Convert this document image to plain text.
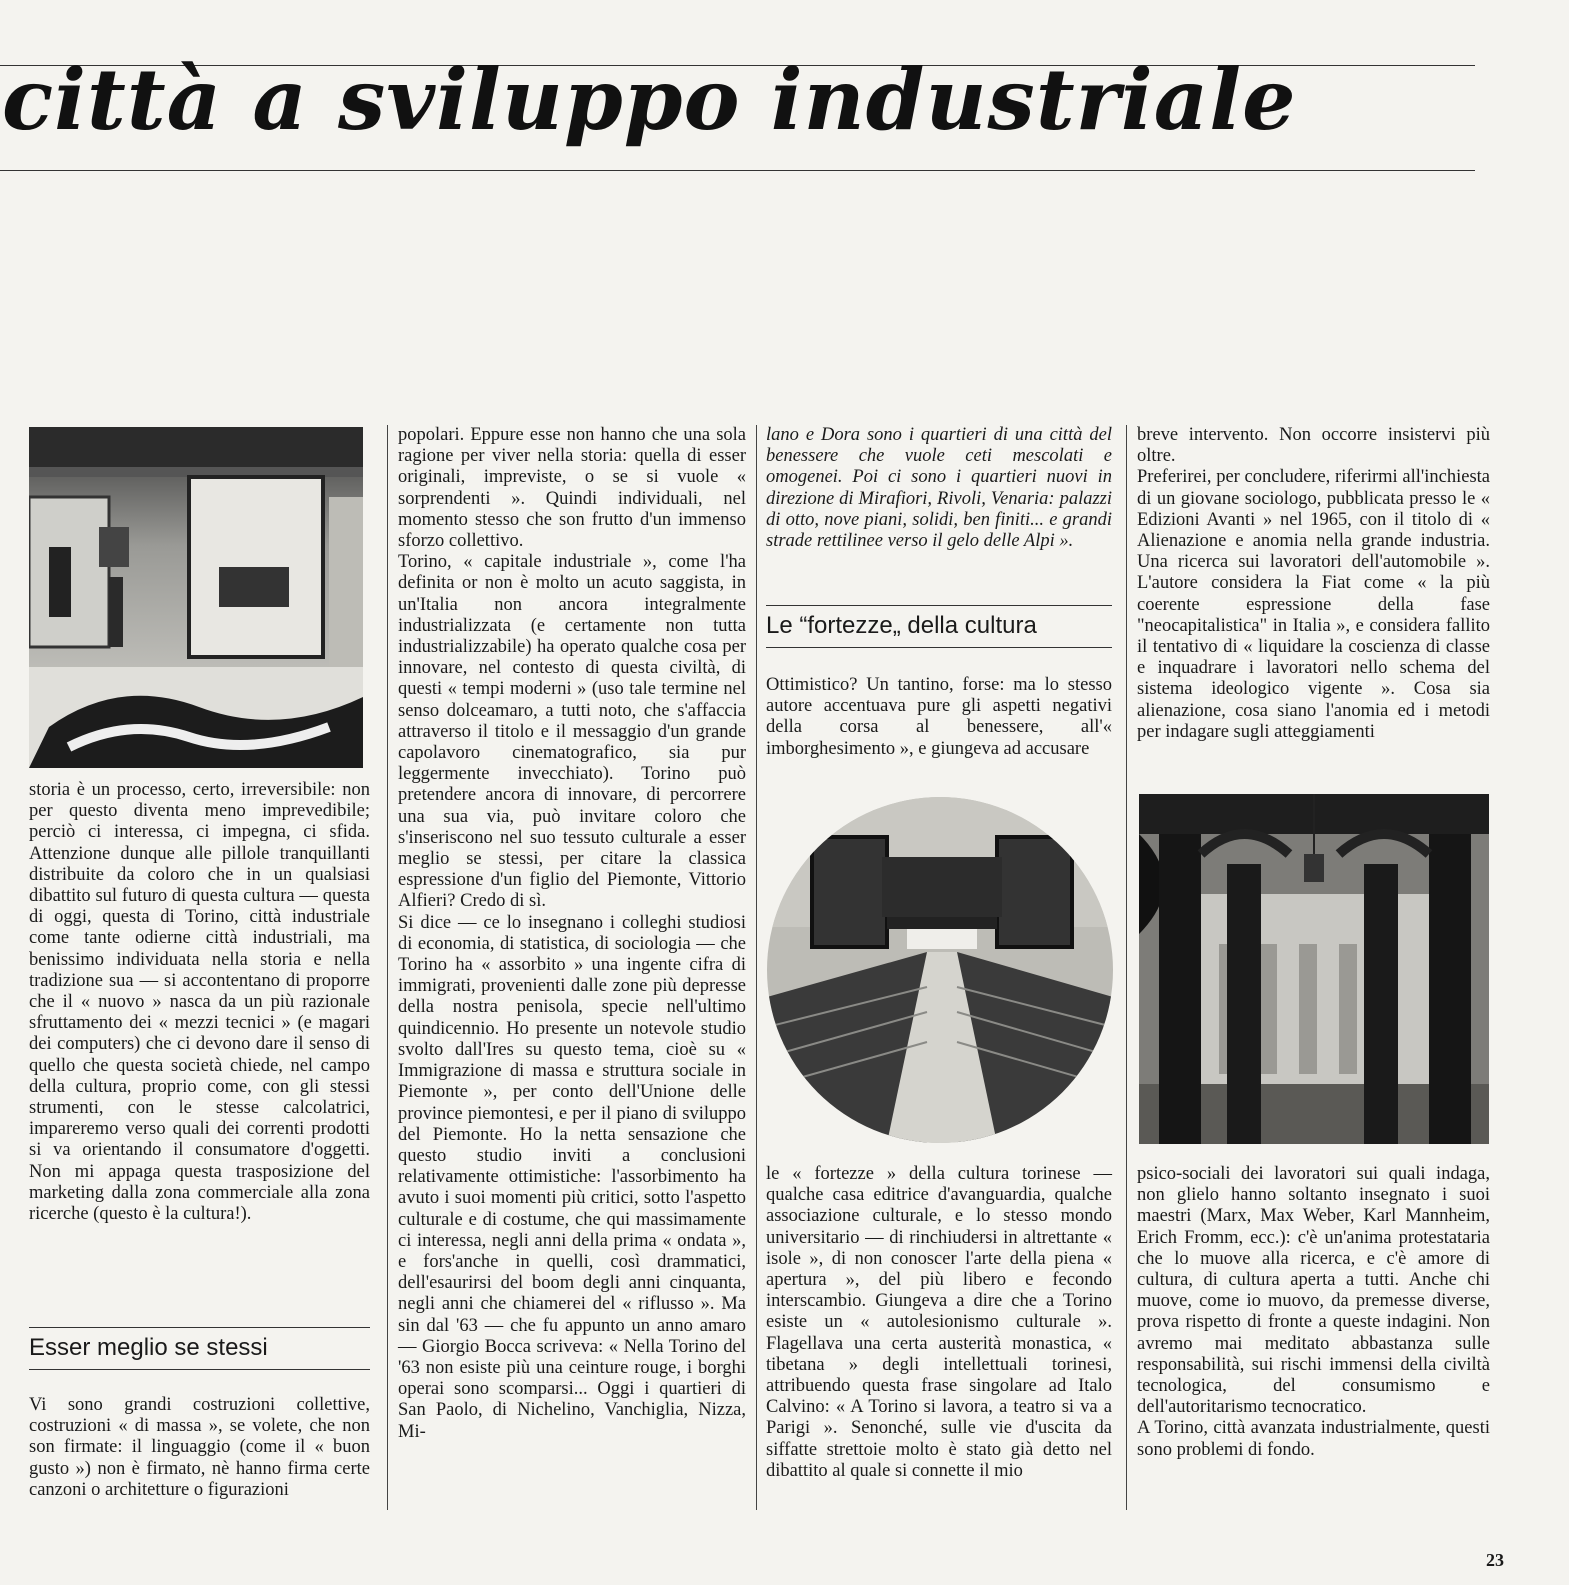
città a sviluppo industriale

storia è un processo, certo, irreversibile: non per questo diventa meno imprevedibile; perciò ci interessa, ci impegna, ci sfida. Attenzione dunque alle pillole tranquillanti distribuite da coloro che in un qualsiasi dibattito sul futuro di questa cultura — questa di oggi, questa di Torino, città industriale come tante odierne città industriali, ma benissimo individuata nella storia e nella tradizione sua — si accontentano di proporre che il « nuovo » nasca da un più razionale sfruttamento dei « mezzi tecnici » (e magari dei computers) che ci devono dare il senso di quello che questa società chiede, nel campo della cultura, proprio come, con gli stessi strumenti, con le stesse calcolatrici, impareremo verso quali dei correnti prodotti si va orientando il consumatore d'oggetti. Non mi appaga questa trasposizione del marketing dalla zona commerciale alla zona ricerche (questo è la cultura!).

Esser meglio se stessi

Vi sono grandi costruzioni collettive, costruzioni « di massa », se volete, che non son firmate: il linguaggio (come il « buon gusto ») non è firmato, nè hanno firma certe canzoni o architetture o figurazioni

popolari. Eppure esse non hanno che una sola ragione per viver nella storia: quella di esser originali, impreviste, o se si vuole « sorprendenti ». Quindi individuali, nel momento stesso che son frutto d'un immenso sforzo collettivo.

Torino, « capitale industriale », come l'ha definita or non è molto un acuto saggista, in un'Italia non ancora integralmente industrializzata (e certamente non tutta industrializzabile) ha operato qualche cosa per innovare, nel contesto di questa civiltà, di questi « tempi moderni » (uso tale termine nel senso dolceamaro, a tutti noto, che s'affaccia attraverso il titolo e il messaggio d'un grande capolavoro cinematografico, sia pur leggermente invecchiato). Torino può pretendere ancora di innovare, di percorrere una sua via, può invitare coloro che s'inseriscono nel suo tessuto culturale a esser meglio se stessi, per citare la classica espressione d'un figlio del Piemonte, Vittorio Alfieri? Credo di sì.

Si dice — ce lo insegnano i colleghi studiosi di economia, di statistica, di sociologia — che Torino ha « assorbito » una ingente cifra di immigrati, provenienti dalle zone più depresse della nostra penisola, specie nell'ultimo quindicennio. Ho presente un notevole studio svolto dall'Ires su questo tema, cioè su « Immigrazione di massa e struttura sociale in Piemonte », per conto dell'Unione delle province piemontesi, e per il piano di sviluppo del Piemonte. Ho la netta sensazione che questo studio inviti a conclusioni relativamente ottimistiche: l'assorbimento ha avuto i suoi momenti più critici, sotto l'aspetto culturale e di costume, che qui massimamente ci interessa, negli anni della prima « ondata », e fors'anche in quelli, così drammatici, dell'esaurirsi del boom degli anni cinquanta, negli anni che chiamerei del « riflusso ». Ma sin dal '63 — che fu appunto un anno amaro — Giorgio Bocca scriveva: « Nella Torino del '63 non esiste più una ceinture rouge, i borghi operai sono scomparsi... Oggi i quartieri di San Paolo, di Nichelino, Vanchiglia, Nizza, Mi-

lano e Dora sono i quartieri di una città del benessere che vuole ceti mescolati e omogenei. Poi ci sono i quartieri nuovi in direzione di Mirafiori, Rivoli, Venaria: palazzi di otto, nove piani, solidi, ben finiti... e grandi strade rettilinee verso il gelo delle Alpi ».

Le “fortezze„ della cultura

Ottimistico? Un tantino, forse: ma lo stesso autore accentuava pure gli aspetti negativi della corsa al benessere, all'« imborghesimento », e giungeva ad accusare

le « fortezze » della cultura torinese — qualche casa editrice d'avanguardia, qualche associazione culturale, e lo stesso mondo universitario — di rinchiudersi in altrettante « isole », di non conoscer l'arte della piena « apertura », del più libero e fecondo interscambio. Giungeva a dire che a Torino esiste un « autolesionismo culturale ». Flagellava una certa austerità monastica, « tibetana » degli intellettuali torinesi, attribuendo questa frase singolare ad Italo Calvino: « A Torino si lavora, a teatro si va a Parigi ». Senonché, sulle vie d'uscita da siffatte strettoie molto è stato già detto nel dibattito al quale si connette il mio

breve intervento. Non occorre insistervi più oltre.

Preferirei, per concludere, riferirmi all'inchiesta di un giovane sociologo, pubblicata presso le « Edizioni Avanti » nel 1965, con il titolo di « Alienazione e anomia nella grande industria. Una ricerca sui lavoratori dell'automobile ». L'autore considera la Fiat come « la più coerente espressione della fase "neocapitalistica" in Italia », e considera fallito il tentativo di « liquidare la coscienza di classe e inquadrare i lavoratori nello schema del sistema ideologico vigente ». Cosa sia alienazione, cosa siano l'anomia ed i metodi per indagare sugli atteggiamenti

psico-sociali dei lavoratori sui quali indaga, non glielo hanno soltanto insegnato i suoi maestri (Marx, Max Weber, Karl Mannheim, Erich Fromm, ecc.): c'è un'anima protestataria che lo muove alla ricerca, e c'è amore di cultura, di cultura aperta a tutti. Anche chi muove, come io muovo, da premesse diverse, prova rispetto di fronte a queste indagini. Non avremo mai meditato abbastanza sulle responsabilità, sui rischi immensi della civiltà tecnologica, del consumismo e dell'autoritarismo tecnocratico.

A Torino, città avanzata industrialmente, questi sono problemi di fondo.

23
